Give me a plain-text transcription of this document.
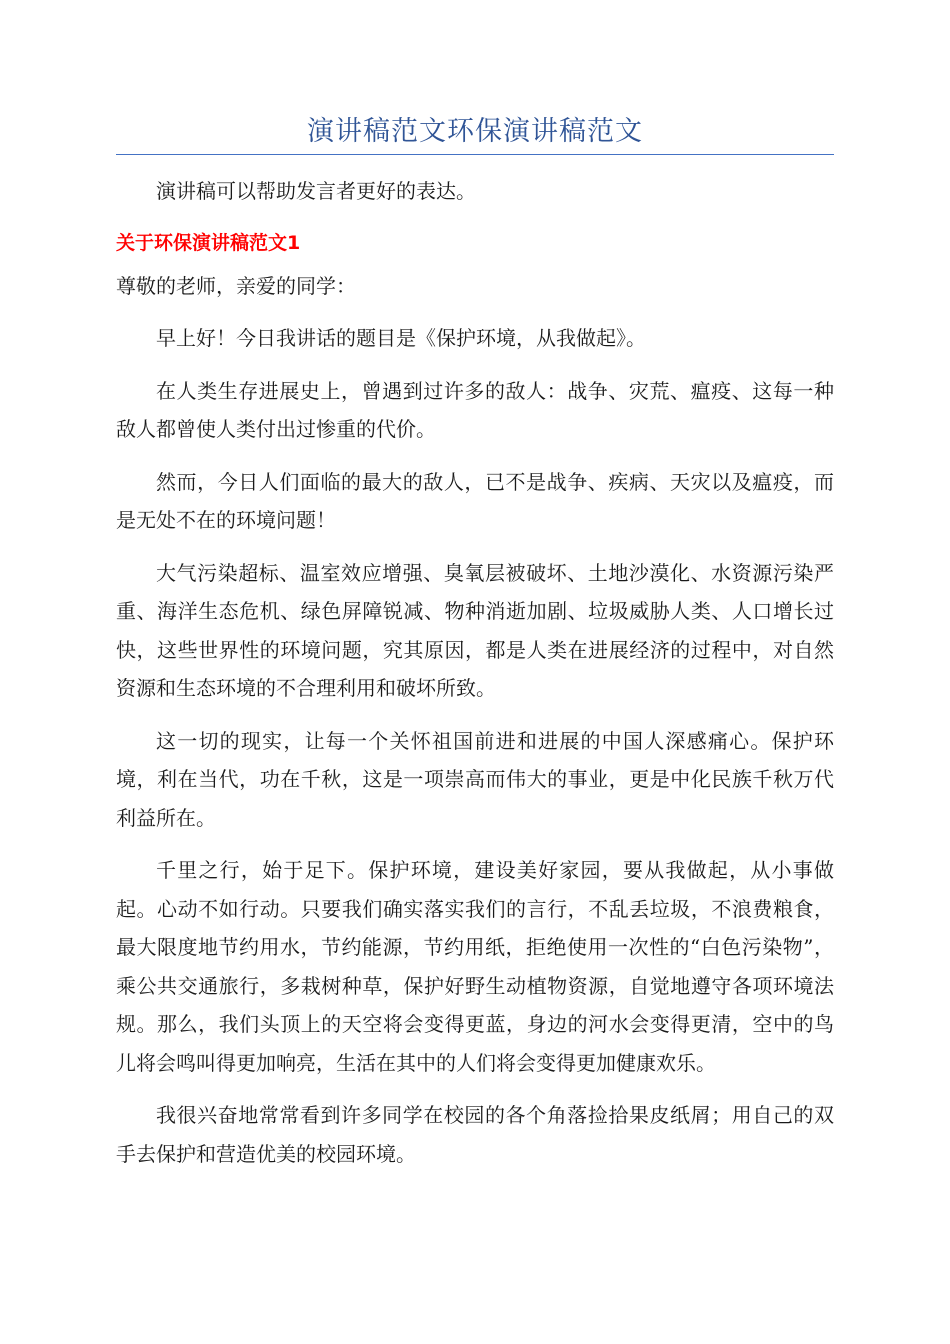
演讲稿范文环保演讲稿范文

演讲稿可以帮助发言者更好的表达。

关于环保演讲稿范文1

尊敬的老师，亲爱的同学：

早上好！今日我讲话的题目是《保护环境，从我做起》。

在人类生存进展史上，曾遇到过许多的敌人：战争、灾荒、瘟疫、这每一种敌人都曾使人类付出过惨重的代价。

然而，今日人们面临的最大的敌人，已不是战争、疾病、天灾以及瘟疫，而是无处不在的环境问题！

大气污染超标、温室效应增强、臭氧层被破坏、土地沙漠化、水资源污染严重、海洋生态危机、绿色屏障锐减、物种消逝加剧、垃圾威胁人类、人口增长过快，这些世界性的环境问题，究其原因，都是人类在进展经济的过程中，对自然资源和生态环境的不合理利用和破坏所致。

这一切的现实，让每一个关怀祖国前进和进展的中国人深感痛心。保护环境，利在当代，功在千秋，这是一项崇高而伟大的事业，更是中化民族千秋万代利益所在。

千里之行，始于足下。保护环境，建设美好家园，要从我做起，从小事做起。心动不如行动。只要我们确实落实我们的言行，不乱丢垃圾，不浪费粮食，最大限度地节约用水，节约能源，节约用纸，拒绝使用一次性的“白色污染物”，乘公共交通旅行，多栽树种草，保护好野生动植物资源，自觉地遵守各项环境法规。那么，我们头顶上的天空将会变得更蓝，身边的河水会变得更清，空中的鸟儿将会鸣叫得更加响亮，生活在其中的人们将会变得更加健康欢乐。

我很兴奋地常常看到许多同学在校园的各个角落捡拾果皮纸屑；用自己的双手去保护和营造优美的校园环境。
